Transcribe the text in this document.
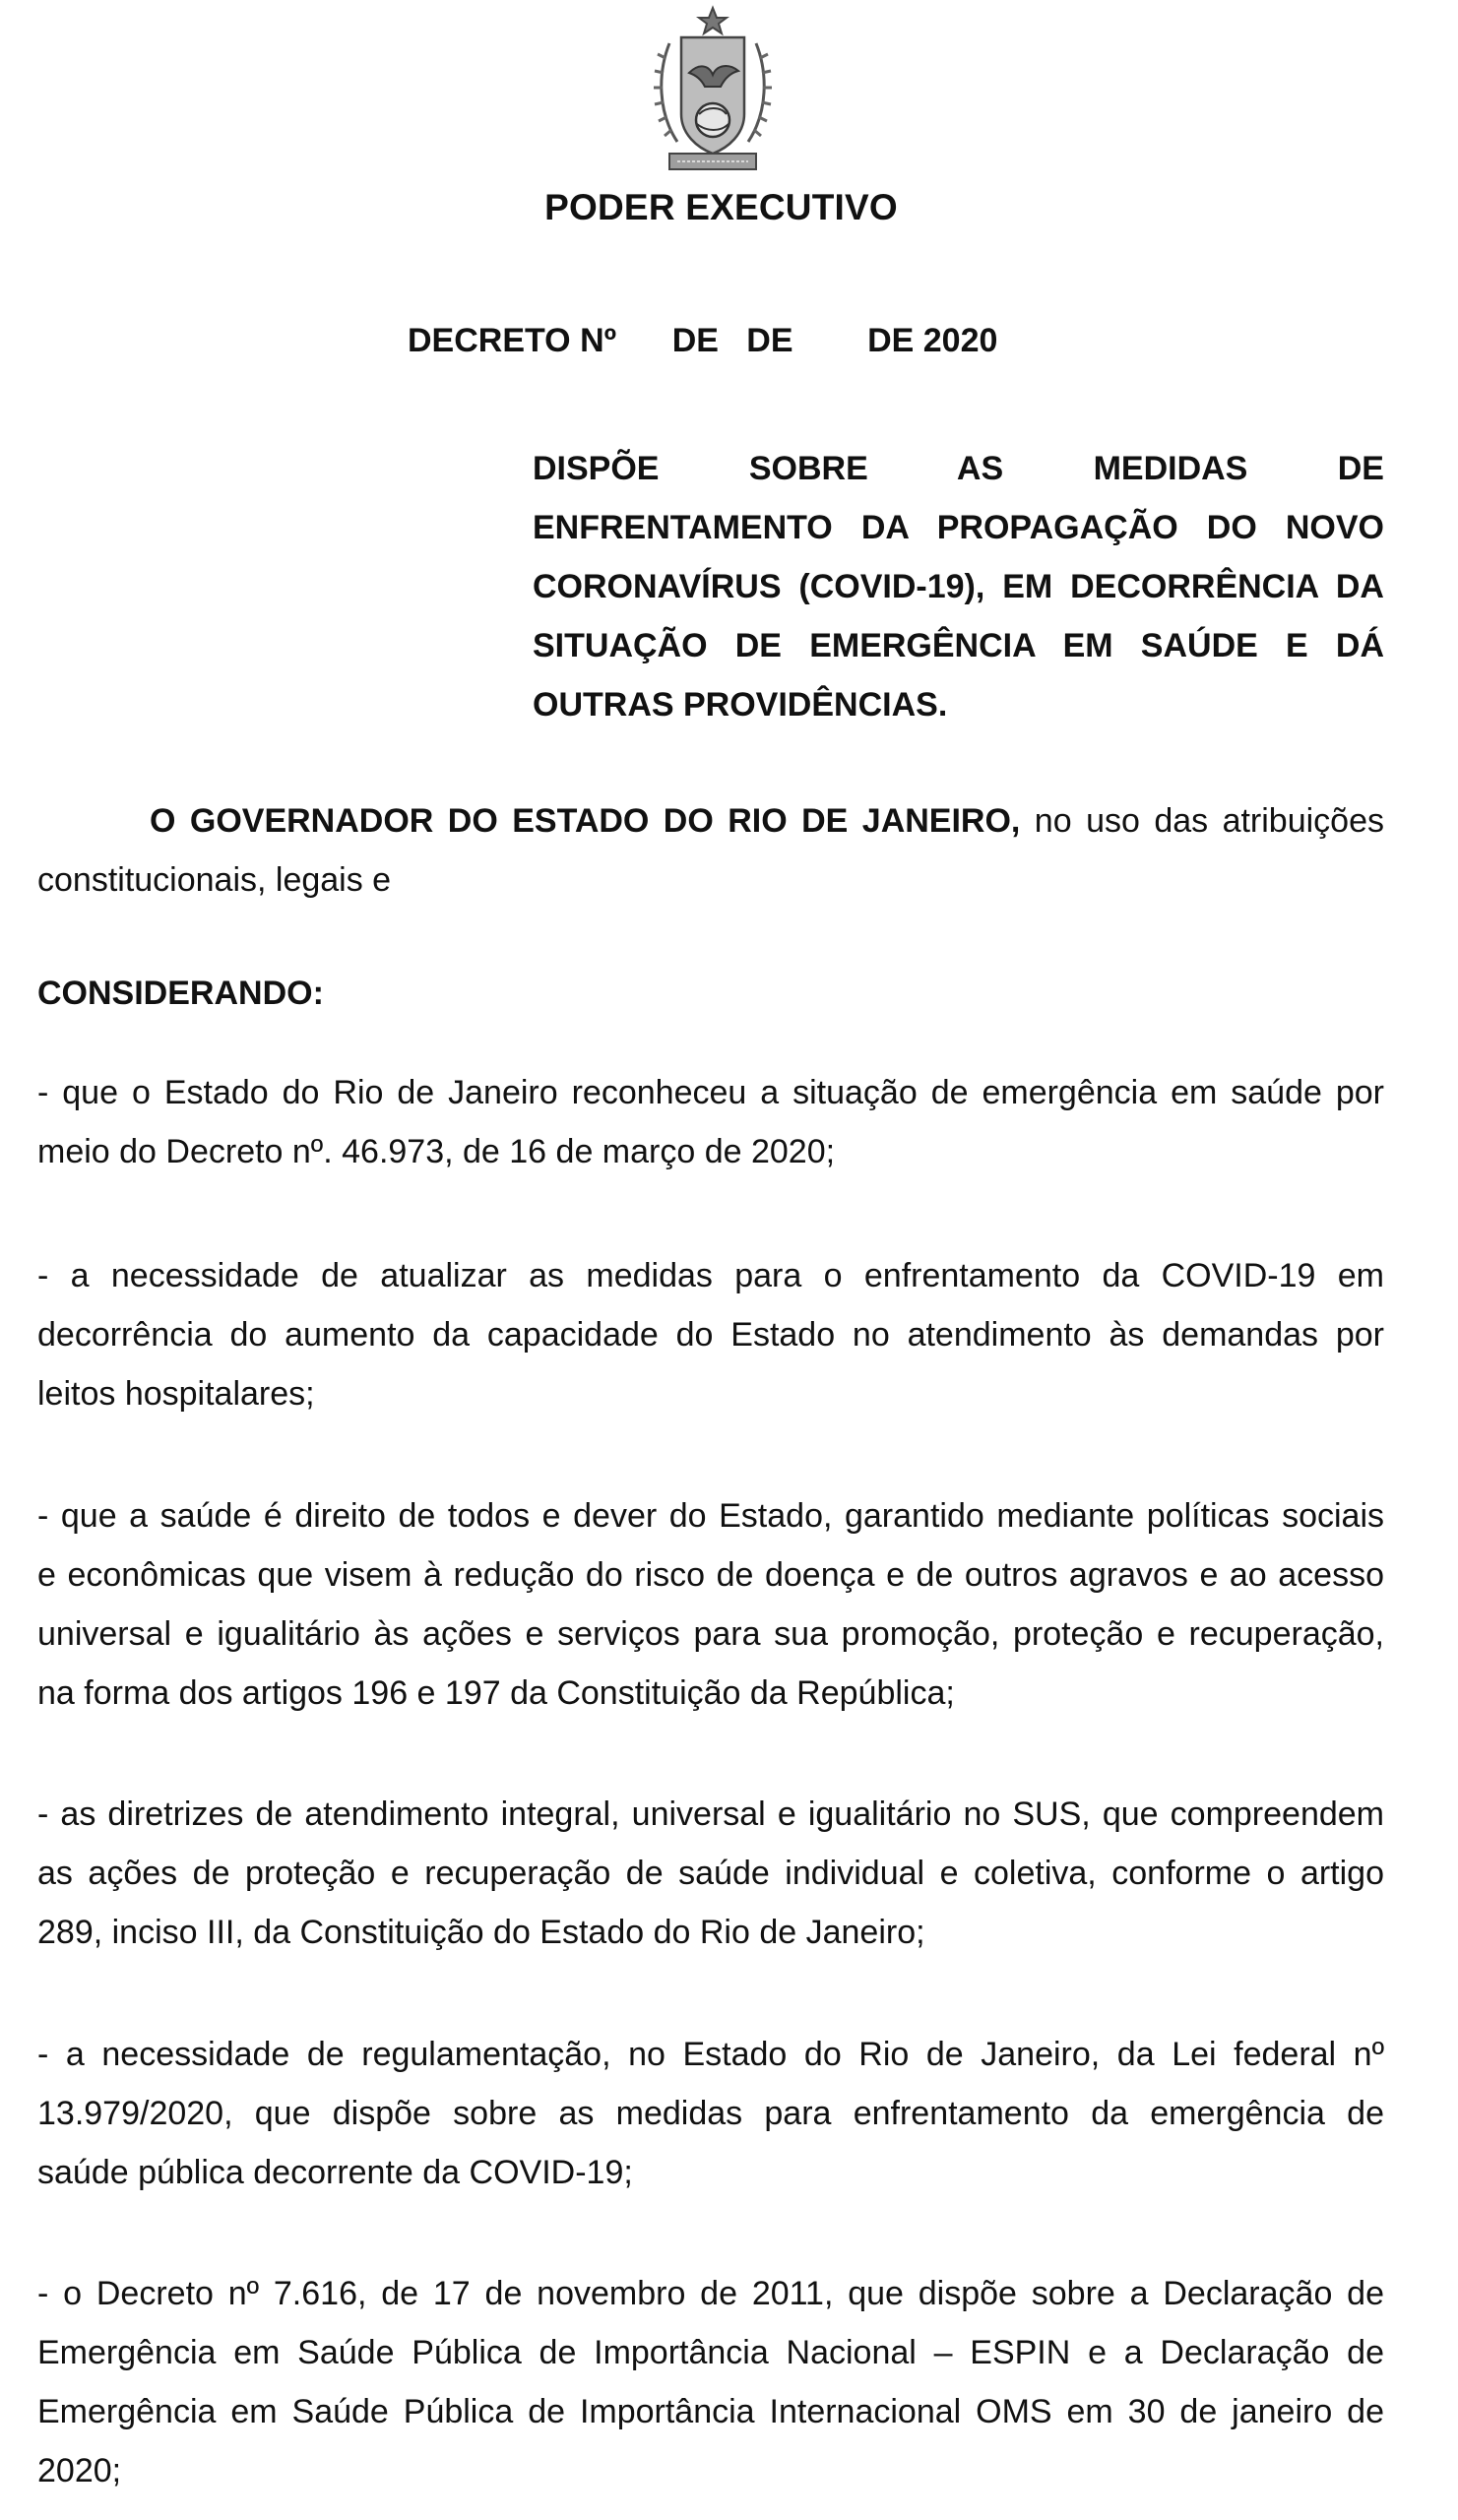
PODER EXECUTIVO
DECRETO Nº      DE   DE        DE 2020
DISPÕE SOBRE AS MEDIDAS DE
ENFRENTAMENTO DA PROPAGAÇÃO DO NOVO
CORONAVÍRUS (COVID-19), EM DECORRÊNCIA DA
SITUAÇÃO DE EMERGÊNCIA EM SAÚDE E DÁ
OUTRAS PROVIDÊNCIAS.
O GOVERNADOR DO ESTADO DO RIO DE JANEIRO, no uso das atribuições
constitucionais, legais e
CONSIDERANDO:
- que o Estado do Rio de Janeiro reconheceu a situação de emergência em saúde por
meio do Decreto nº. 46.973, de 16 de março de 2020;
- a necessidade de atualizar as medidas para o enfrentamento da COVID-19 em
decorrência do aumento da capacidade do Estado no atendimento às demandas por
leitos hospitalares;
- que a saúde é direito de todos e dever do Estado, garantido mediante políticas sociais
e econômicas que visem à redução do risco de doença e de outros agravos e ao acesso
universal e igualitário às ações e serviços para sua promoção, proteção e recuperação,
na forma dos artigos 196 e 197 da Constituição da República;
- as diretrizes de atendimento integral, universal e igualitário no SUS, que compreendem
as ações de proteção e recuperação de saúde individual e coletiva, conforme o artigo
289, inciso III, da Constituição do Estado do Rio de Janeiro;
- a necessidade de regulamentação, no Estado do Rio de Janeiro, da Lei federal nº
13.979/2020, que dispõe sobre as medidas para enfrentamento da emergência de
saúde pública decorrente da COVID-19;
- o Decreto nº 7.616, de 17 de novembro de 2011, que dispõe sobre a Declaração de
Emergência em Saúde Pública de Importância Nacional – ESPIN e a Declaração de
Emergência em Saúde Pública de Importância Internacional OMS em 30 de janeiro de
2020;
